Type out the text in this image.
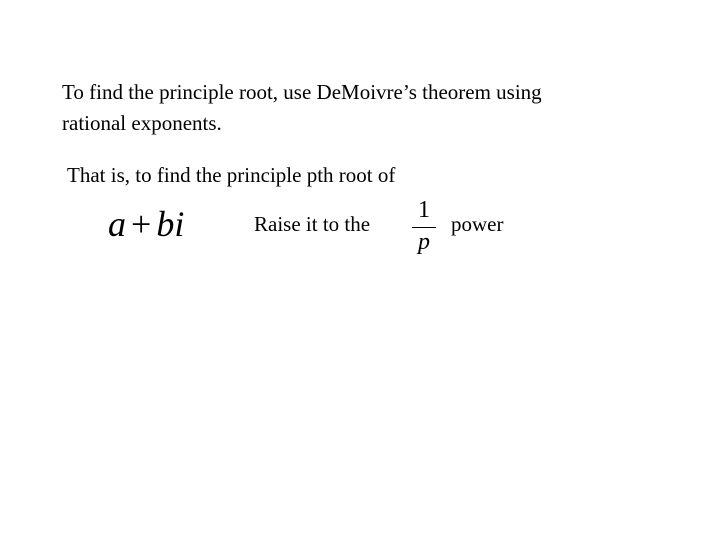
To find the principle root, use DeMoivre’s theorem using
rational exponents.

That is, to find the principle pth root of

a + bi	Raise it to the
1
p
power
